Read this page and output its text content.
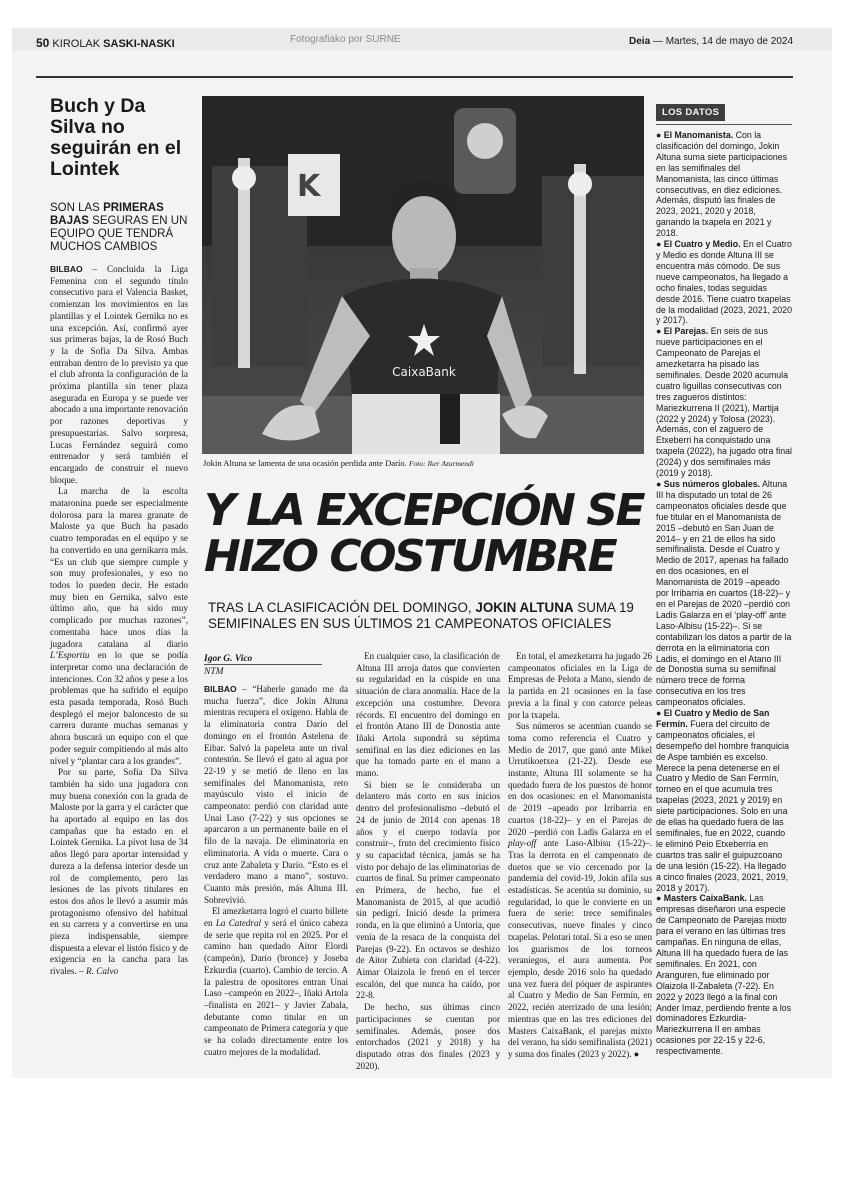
50 KIROLAK SASKI-NASKI	Fotografiako por SURNE	Deia — Martes, 14 de mayo de 2024
Buch y Da Silva no seguirán en el Lointek
SON LAS PRIMERAS BAJAS SEGURAS EN UN EQUIPO QUE TENDRÁ MUCHOS CAMBIOS

BILBAO – Concluida la Liga Femenina con el segundo título consecutivo para el Valencia Basket, comienzan los movimientos en las plantillas y el Lointek Gernika no es una excepción. Así, confirmó ayer sus primeras bajas, la de Rosó Buch y la de Sofía Da Silva. Ambas entraban dentro de lo previsto ya que el club afronta la configuración de la próxima plantilla sin tener plaza asegurada en Europa y se puede ver abocado a una importante renovación por razones deportivas y presupuestarias. Salvo sorpresa, Lucas Fernández seguirá como entrenador y será también el encargado de construir el nuevo bloque.

La marcha de la escolta mataronina puede ser especialmente dolorosa para la marea granate de Maloste ya que Buch ha pasado cuatro temporadas en el equipo y se ha convertido en una gernikarra más. “Es un club que siempre cumple y son muy profesionales, y eso no todos lo pueden decir. He estado muy bien en Gernika, salvo este último año, que ha sido muy complicado por muchas razones”, comentaba hace unos días la jugadora catalana al diario L’Esportiu en lo que se podía interpretar como una declaración de intenciones. Con 32 años y pese a los problemas que ha sufrido el equipo esta pasada temporada, Rosó Buch desplegó el mejor baloncesto de su carrera durante muchas semanas y ahora buscará un equipo con el que poder seguir compitiendo al más alto nivel y “plantar cara a los grandes”.

Por su parte, Sofía Da Silva también ha sido una jugadora con muy buena conexión con la grada de Maloste por la garra y el carácter que ha aportado al equipo en las dos campañas que ha estado en el Lointek Gernika. La pívot lusa de 34 años llegó para aportar intensidad y dureza a la defensa interior desde un rol de complemento, pero las lesiones de las pívots titulares en estos dos años le llevó a asumir más protagonismo ofensivo del habitual en su carrera y a convertirse en una pieza indispensable, siempre dispuesta a elevar el listón físico y de exigencia en la cancha para las rivales. – R. Calvo

K
CaixaBank
Jokin Altuna se lamenta de una ocasión perdida ante Darío. Foto: Iker Azurmendi
Y LA EXCEPCIÓN SE
HIZO COSTUMBRE
TRAS LA CLASIFICACIÓN DEL DOMINGO, JOKIN ALTUNA SUMA 19 SEMIFINALES EN SUS ÚLTIMOS 21 CAMPEONATOS OFICIALES
Igor G. Vico
NTM

BILBAO – “Haberle ganado me da mucha fuerza”, dice Jokin Altuna mientras recupera el oxígeno. Habla de la eliminatoria contra Darío del domingo en el frontón Astelena de Eibar. Salvó la papeleta ante un rival contestón. Se llevó el gato al agua por 22-19 y se metió de lleno en las semifinales del Manomanista, reto mayúsculo visto el inicio de campeonato: perdió con claridad ante Unai Laso (7-22) y sus opciones se aparcaron a un permanente baile en el filo de la navaja. De eliminatoria en eliminatoria. A vida o muerte. Cara o cruz ante Zabaleta y Darío. “Esto es el verdadero mano a mano”, sostuvo. Cuanto más presión, más Altuna III. Sobrevivió.

El amezketarra logró el cuarto billete en La Catedral y será el único cabeza de serie que repita rol en 2025. Por el camino han quedado Aitor Elordi (campeón), Darío (bronce) y Joseba Ezkurdia (cuarto). Cambio de tercio. A la palestra de opositores entran Unai Laso –campeón en 2022–, Iñaki Artola –finalista en 2021– y Javier Zabala, debutante como titular en un campeonato de Primera categoría y que se ha colado directamente entre los cuatro mejores de la modalidad.

En cualquier caso, la clasificación de Altuna III arroja datos que convierten su regularidad en la cúspide en una situación de clara anomalía. Hace de la excepción una costumbre. Devora récords. El encuentro del domingo en el frontón Atano III de Donostia ante Iñaki Artola supondrá su séptima semifinal en las diez ediciones en las que ha tomado parte en el mano a mano.

Si bien se le consideraba un delantero más corto en sus inicios dentro del profesionalismo –debutó el 24 de junio de 2014 con apenas 18 años y el cuerpo todavía por construir–, fruto del crecimiento físico y su capacidad técnica, jamás se ha visto por debajo de las eliminatorias de cuartos de final. Su primer campeonato en Primera, de hecho, fue el Manomanista de 2015, al que acudió sin pedigrí. Inició desde la primera ronda, en la que eliminó a Untoria, que venía de la resaca de la conquista del Parejas (9-22). En octavos se deshizo de Aitor Zubieta con claridad (4-22). Aimar Olaizola le frenó en el tercer escalón, del que nunca ha caído, por 22-8.

De hecho, sus últimas cinco participaciones se cuentan por semifinales. Además, posee dos entorchados (2021 y 2018) y ha disputado otras dos finales (2023 y 2020).

En total, el amezketarra ha jugado 26 campeonatos oficiales en la Liga de Empresas de Pelota a Mano, siendo de la partida en 21 ocasiones en la fase previa a la final y con catorce peleas por la txapela.

Sus números se acentúan cuando se toma como referencia el Cuatro y Medio de 2017, que ganó ante Mikel Urrutikoetxea (21-22). Desde ese instante, Altuna III solamente se ha quedado fuera de los puestos de honor en dos ocasiones: en el Manomanista de 2019 –apeado por Irribarria en cuartos (18-22)– y en el Parejas de 2020 –perdió con Ladis Galarza en el play-off ante Laso-Albisu (15-22)–. Tras la derrota en el campeonato de duetos que se vio cercenado por la pandemia del covid-19, Jokin afila sus estadísticas. Se acentúa su dominio, su regularidad, lo que le convierte en un fuera de serie: trece semifinales consecutivas, nueve finales y cinco txapelas. Pelotari total. Si a eso se unen los guarismos de los torneos veraniegos, el aura aumenta. Por ejemplo, desde 2016 solo ha quedado una vez fuera del póquer de aspirantes al Cuatro y Medio de San Fermín, en 2022, recién aterrizado de una lesión; mientras que en las tres ediciones del Masters CaixaBank, el parejas mixto del verano, ha sido semifinalista (2021) y suma dos finales (2023 y 2022). ●

LOS DATOS

● El Manomanista. Con la clasificación del domingo, Jokin Altuna suma siete participaciones en las semifinales del Manomanista, las cinco últimas consecutivas, en diez ediciones. Además, disputó las finales de 2023, 2021, 2020 y 2018, ganando la txapela en 2021 y 2018.

● El Cuatro y Medio. En el Cuatro y Medio es donde Altuna III se encuentra más cómodo. De sus nueve campeonatos, ha llegado a ocho finales, todas seguidas desde 2016. Tiene cuatro txapelas de la modalidad (2023, 2021, 2020 y 2017).

● El Parejas. En seis de sus nueve participaciones en el Campeonato de Parejas el amezketarra ha pisado las semifinales. Desde 2020 acumula cuatro liguillas consecutivas con tres zagueros distintos: Mariezkurrena II (2021), Martija (2022 y 2024) y Tolosa (2023). Además, con el zaguero de Etxeberri ha conquistado una txapela (2022), ha jugado otra final (2024) y dos semifinales más (2019 y 2018).

● Sus números globales. Altuna III ha disputado un total de 26 campeonatos oficiales desde que fue titular en el Manomanista de 2015 –debutó en San Juan de 2014– y en 21 de ellos ha sido semifinalista. Desde el Cuatro y Medio de 2017, apenas ha fallado en dos ocasiones, en el Manomanista de 2019 –apeado por Irribarria en cuartos (18-22)– y en el Parejas de 2020 –perdió con Ladis Galarza en el ‘play-off’ ante Laso-Albisu (15-22)–. Si se contabilizan los datos a partir de la derrota en la eliminatoria con Ladis, el domingo en el Atano III de Donostia suma su semifinal número trece de forma consecutiva en los tres campeonatos oficiales.

● El Cuatro y Medio de San Fermín. Fuera del circuito de campeonatos oficiales, el desempeño del hombre franquicia de Aspe también es excelso. Merece la pena detenerse en el Cuatro y Medio de San Fermín, torneo en el que acumula tres txapelas (2023, 2021 y 2019) en siete participaciones. Solo en una de ellas ha quedado fuera de las semifinales, fue en 2022, cuando le eliminó Peio Etxeberria en cuartos tras salir el guipuzcoano de una lesión (15-22). Ha llegado a cinco finales (2023, 2021, 2019, 2018 y 2017).

● Masters CaixaBank. Las empresas diseñaron una especie de Campeonato de Parejas mixto para el verano en las últimas tres campañas. En ninguna de ellas, Altuna III ha quedado fuera de las semifinales. En 2021, con Aranguren, fue eliminado por Olaizola II-Zabaleta (7-22). En 2022 y 2023 llegó a la final con Ander Imaz, perdiendo frente a los dominadores Ezkurdia-Mariezkurrena II en ambas ocasiones por 22-15 y 22-6, respectivamente.
